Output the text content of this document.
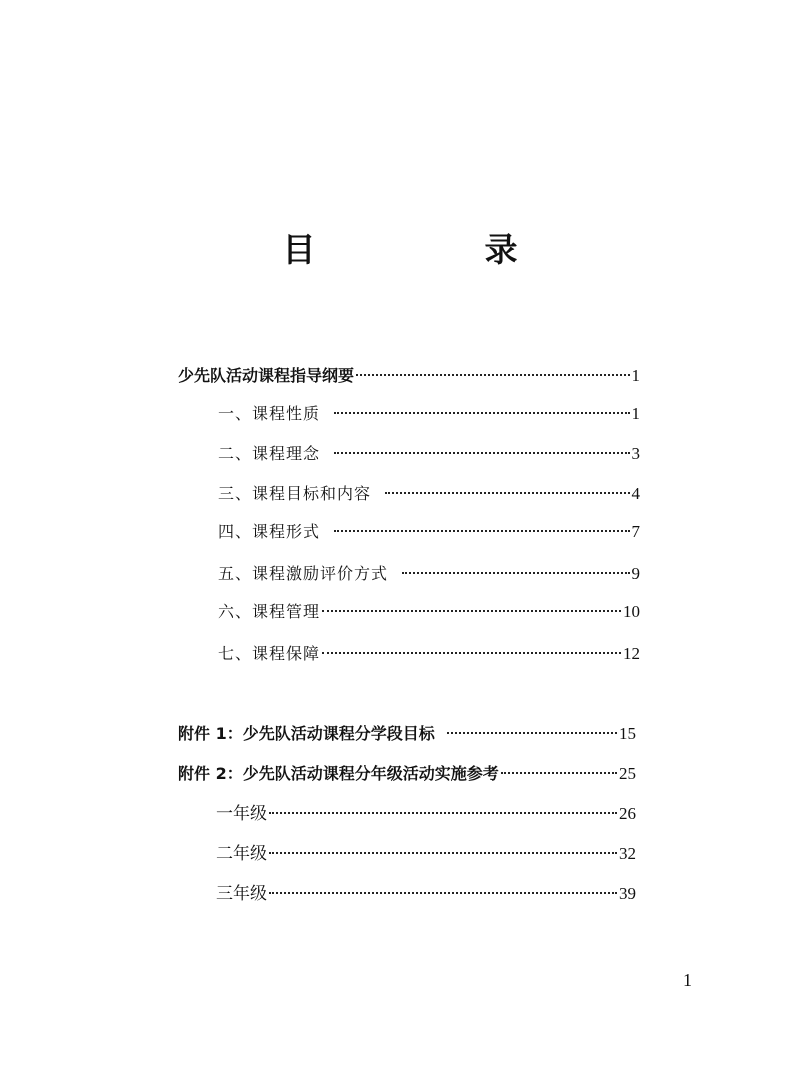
目　录
少先队活动课程指导纲要	1
一、课程性质	1
二、课程理念	3
三、课程目标和内容	4
四、课程形式	7
五、课程激励评价方式	9
六、课程管理	10
七、课程保障	12
附件 1：少先队活动课程分学段目标	15
附件 2：少先队活动课程分年级活动实施参考	25
一年级	26
二年级	32
三年级	39
1
